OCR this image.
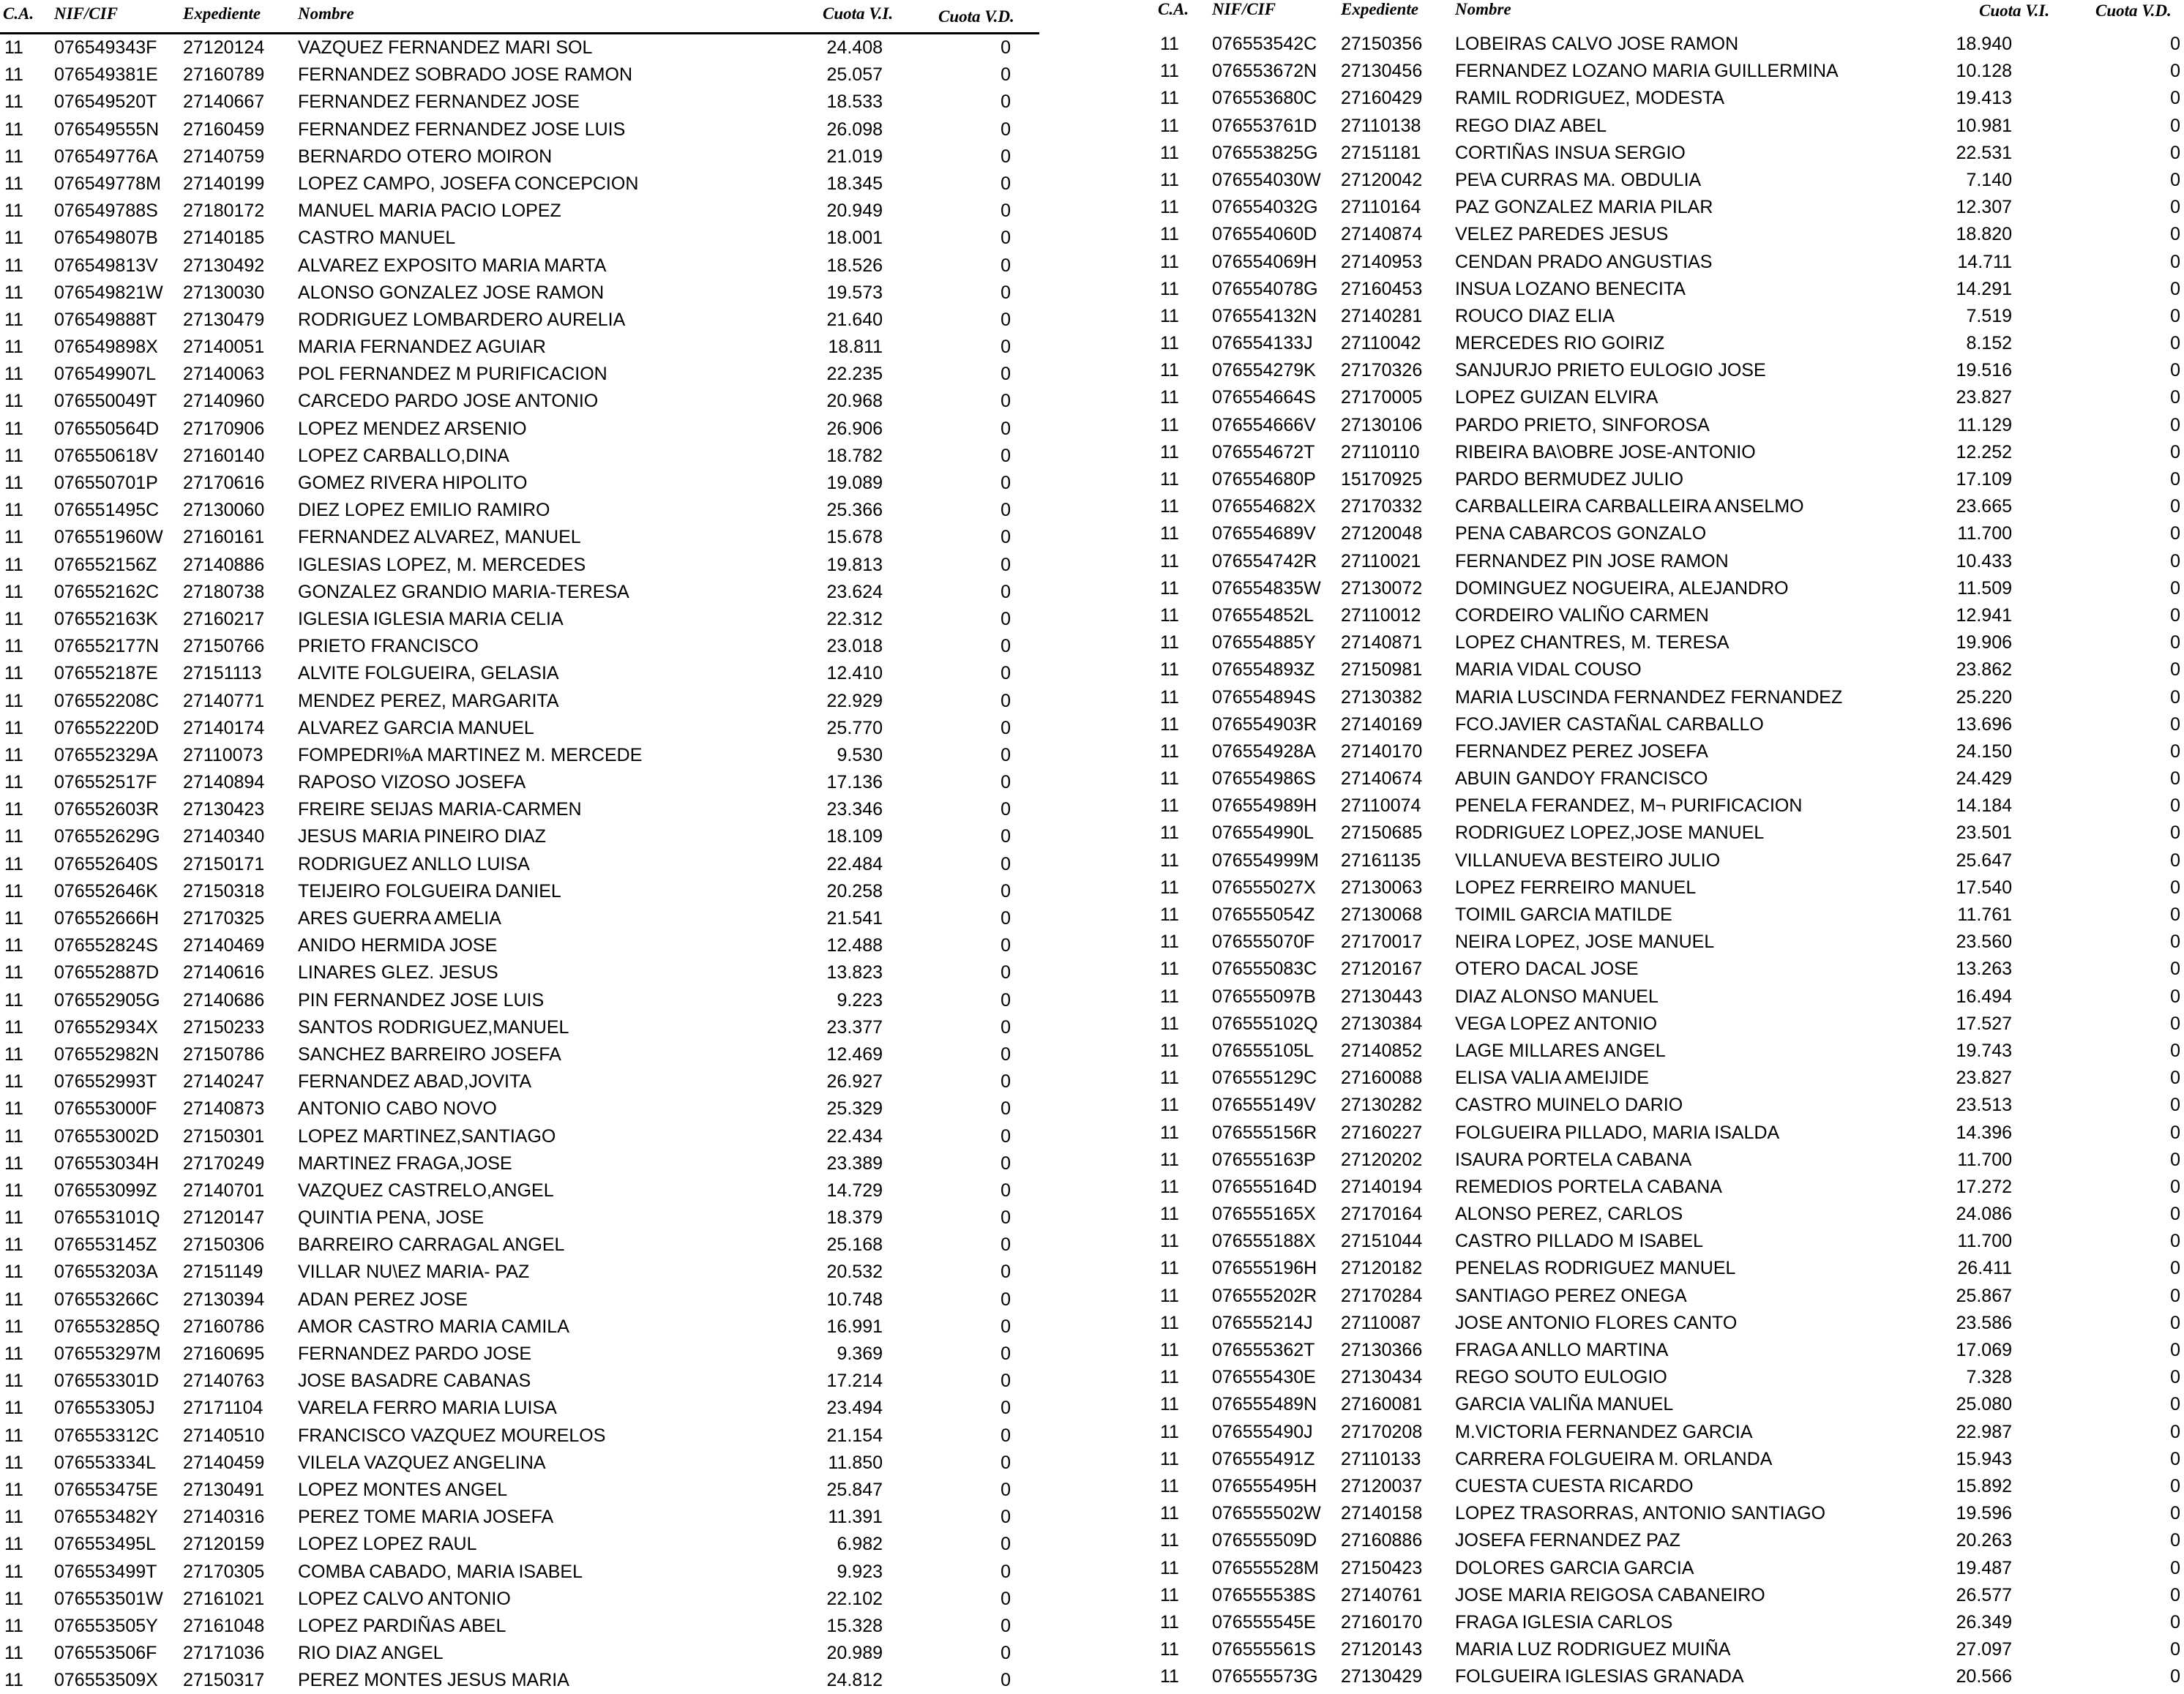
C.A. NIF/CIF	Expediente Nombre	Cuota V.I.	Cuota V.D.
11 076549343F 27120124 VAZQUEZ FERNANDEZ MARI SOL	24.408	0
11 076549381E 27160789 FERNANDEZ SOBRADO JOSE RAMON	25.057	0
11 076549520T 27140667 FERNANDEZ FERNANDEZ JOSE	18.533	0
11 076549555N 27160459 FERNANDEZ FERNANDEZ JOSE LUIS	26.098	0
11 076549776A 27140759 BERNARDO OTERO MOIRON	21.019	0
11 076549778M 27140199 LOPEZ CAMPO, JOSEFA CONCEPCION	18.345	0
11 076549788S 27180172 MANUEL MARIA PACIO LOPEZ	20.949	0
11 076549807B 27140185 CASTRO MANUEL	18.001	0
11 076549813V 27130492 ALVAREZ EXPOSITO MARIA MARTA	18.526	0
11 076549821W 27130030 ALONSO GONZALEZ JOSE RAMON	19.573	0
11 076549888T 27130479 RODRIGUEZ LOMBARDERO AURELIA	21.640	0
11 076549898X 27140051 MARIA FERNANDEZ AGUIAR	18.811	0
11 076549907L 27140063 POL FERNANDEZ M PURIFICACION	22.235	0
11 076550049T 27140960 CARCEDO PARDO JOSE ANTONIO	20.968	0
11 076550564D 27170906 LOPEZ MENDEZ ARSENIO	26.906	0
11 076550618V 27160140 LOPEZ CARBALLO,DINA	18.782	0
11 076550701P 27170616 GOMEZ RIVERA HIPOLITO	19.089	0
11 076551495C 27130060 DIEZ LOPEZ EMILIO RAMIRO	25.366	0
11 076551960W 27160161 FERNANDEZ ALVAREZ, MANUEL	15.678	0
11 076552156Z 27140886 IGLESIAS LOPEZ, M. MERCEDES	19.813	0
11 076552162C 27180738 GONZALEZ GRANDIO MARIA-TERESA	23.624	0
11 076552163K 27160217 IGLESIA IGLESIA MARIA CELIA	22.312	0
11 076552177N 27150766 PRIETO FRANCISCO	23.018	0
11 076552187E 27151113 ALVITE FOLGUEIRA, GELASIA	12.410	0
11 076552208C 27140771 MENDEZ PEREZ, MARGARITA	22.929	0
11 076552220D 27140174 ALVAREZ GARCIA MANUEL	25.770	0
11 076552329A 27110073 FOMPEDRI%A MARTINEZ M. MERCEDE	9.530	0
11 076552517F 27140894 RAPOSO VIZOSO JOSEFA	17.136	0
11 076552603R 27130423 FREIRE SEIJAS MARIA-CARMEN	23.346	0
11 076552629G 27140340 JESUS MARIA PINEIRO DIAZ	18.109	0
11 076552640S 27150171 RODRIGUEZ ANLLO LUISA	22.484	0
11 076552646K 27150318 TEIJEIRO FOLGUEIRA DANIEL	20.258	0
11 076552666H 27170325 ARES GUERRA AMELIA	21.541	0
11 076552824S 27140469 ANIDO HERMIDA JOSE	12.488	0
11 076552887D 27140616 LINARES GLEZ. JESUS	13.823	0
11 076552905G 27140686 PIN FERNANDEZ JOSE LUIS	9.223	0
11 076552934X 27150233 SANTOS RODRIGUEZ,MANUEL	23.377	0
11 076552982N 27150786 SANCHEZ BARREIRO JOSEFA	12.469	0
11 076552993T 27140247 FERNANDEZ ABAD,JOVITA	26.927	0
11 076553000F 27140873 ANTONIO CABO NOVO	25.329	0
11 076553002D 27150301 LOPEZ MARTINEZ,SANTIAGO	22.434	0
11 076553034H 27170249 MARTINEZ FRAGA,JOSE	23.389	0
11 076553099Z 27140701 VAZQUEZ CASTRELO,ANGEL	14.729	0
11 076553101Q 27120147 QUINTIA PENA, JOSE	18.379	0
11 076553145Z 27150306 BARREIRO CARRAGAL ANGEL	25.168	0
11 076553203A 27151149 VILLAR NU\EZ MARIA- PAZ	20.532	0
11 076553266C 27130394 ADAN PEREZ JOSE	10.748	0
11 076553285Q 27160786 AMOR CASTRO MARIA CAMILA	16.991	0
11 076553297M 27160695 FERNANDEZ PARDO JOSE	9.369	0
11 076553301D 27140763 JOSE BASADRE CABANAS	17.214	0
11 076553305J 27171104 VARELA FERRO MARIA LUISA	23.494	0
11 076553312C 27140510 FRANCISCO VAZQUEZ MOURELOS	21.154	0
11 076553334L 27140459 VILELA VAZQUEZ ANGELINA	11.850	0
11 076553475E 27130491 LOPEZ MONTES ANGEL	25.847	0
11 076553482Y 27140316 PEREZ TOME MARIA JOSEFA	11.391	0
11 076553495L 27120159 LOPEZ LOPEZ RAUL	6.982	0
11 076553499T 27170305 COMBA CABADO, MARIA ISABEL	9.923	0
11 076553501W 27161021 LOPEZ CALVO ANTONIO	22.102	0
11 076553505Y 27161048 LOPEZ PARDIÑAS ABEL	15.328	0
11 076553506F 27171036 RIO DIAZ ANGEL	20.989	0
11 076553509X 27150317 PEREZ MONTES JESUS MARIA	24.812	0
C.A. NIF/CIF	Expediente Nombre	Cuota V.I.	Cuota V.D.
11 076553542C 27150356 LOBEIRAS CALVO JOSE RAMON	18.940	0
11 076553672N 27130456 FERNANDEZ LOZANO MARIA GUILLERMINA	10.128	0
11 076553680C 27160429 RAMIL RODRIGUEZ, MODESTA	19.413	0
11 076553761D 27110138 REGO DIAZ ABEL	10.981	0
11 076553825G 27151181 CORTIÑAS INSUA SERGIO	22.531	0
11 076554030W 27120042 PE\A CURRAS MA. OBDULIA	7.140	0
11 076554032G 27110164 PAZ GONZALEZ MARIA PILAR	12.307	0
11 076554060D 27140874 VELEZ PAREDES JESUS	18.820	0
11 076554069H 27140953 CENDAN PRADO ANGUSTIAS	14.711	0
11 076554078G 27160453 INSUA LOZANO BENECITA	14.291	0
11 076554132N 27140281 ROUCO DIAZ ELIA	7.519	0
11 076554133J 27110042 MERCEDES RIO GOIRIZ	8.152	0
11 076554279K 27170326 SANJURJO PRIETO EULOGIO JOSE	19.516	0
11 076554664S 27170005 LOPEZ GUIZAN ELVIRA	23.827	0
11 076554666V 27130106 PARDO PRIETO, SINFOROSA	11.129	0
11 076554672T 27110110 RIBEIRA BA\OBRE JOSE-ANTONIO	12.252	0
11 076554680P 15170925 PARDO BERMUDEZ JULIO	17.109	0
11 076554682X 27170332 CARBALLEIRA CARBALLEIRA ANSELMO	23.665	0
11 076554689V 27120048 PENA CABARCOS GONZALO	11.700	0
11 076554742R 27110021 FERNANDEZ PIN JOSE RAMON	10.433	0
11 076554835W 27130072 DOMINGUEZ NOGUEIRA, ALEJANDRO	11.509	0
11 076554852L 27110012 CORDEIRO VALIÑO CARMEN	12.941	0
11 076554885Y 27140871 LOPEZ CHANTRES, M. TERESA	19.906	0
11 076554893Z 27150981 MARIA VIDAL COUSO	23.862	0
11 076554894S 27130382 MARIA LUSCINDA FERNANDEZ FERNANDEZ	25.220	0
11 076554903R 27140169 FCO.JAVIER CASTAÑAL CARBALLO	13.696	0
11 076554928A 27140170 FERNANDEZ PEREZ JOSEFA	24.150	0
11 076554986S 27140674 ABUIN GANDOY FRANCISCO	24.429	0
11 076554989H 27110074 PENELA FERANDEZ, M¬ PURIFICACION	14.184	0
11 076554990L 27150685 RODRIGUEZ LOPEZ,JOSE MANUEL	23.501	0
11 076554999M 27161135 VILLANUEVA BESTEIRO JULIO	25.647	0
11 076555027X 27130063 LOPEZ FERREIRO MANUEL	17.540	0
11 076555054Z 27130068 TOIMIL GARCIA MATILDE	11.761	0
11 076555070F 27170017 NEIRA LOPEZ, JOSE MANUEL	23.560	0
11 076555083C 27120167 OTERO DACAL JOSE	13.263	0
11 076555097B 27130443 DIAZ ALONSO MANUEL	16.494	0
11 076555102Q 27130384 VEGA LOPEZ ANTONIO	17.527	0
11 076555105L 27140852 LAGE MILLARES ANGEL	19.743	0
11 076555129C 27160088 ELISA VALIA AMEIJIDE	23.827	0
11 076555149V 27130282 CASTRO MUINELO DARIO	23.513	0
11 076555156R 27160227 FOLGUEIRA PILLADO, MARIA ISALDA	14.396	0
11 076555163P 27120202 ISAURA PORTELA CABANA	11.700	0
11 076555164D 27140194 REMEDIOS PORTELA CABANA	17.272	0
11 076555165X 27170164 ALONSO PEREZ, CARLOS	24.086	0
11 076555188X 27151044 CASTRO PILLADO M ISABEL	11.700	0
11 076555196H 27120182 PENELAS RODRIGUEZ MANUEL	26.411	0
11 076555202R 27170284 SANTIAGO PEREZ ONEGA	25.867	0
11 076555214J 27110087 JOSE ANTONIO FLORES CANTO	23.586	0
11 076555362T 27130366 FRAGA ANLLO MARTINA	17.069	0
11 076555430E 27130434 REGO SOUTO EULOGIO	7.328	0
11 076555489N 27160081 GARCIA VALIÑA MANUEL	25.080	0
11 076555490J 27170208 M.VICTORIA FERNANDEZ GARCIA	22.987	0
11 076555491Z 27110133 CARRERA FOLGUEIRA M. ORLANDA	15.943	0
11 076555495H 27120037 CUESTA CUESTA RICARDO	15.892	0
11 076555502W 27140158 LOPEZ TRASORRAS, ANTONIO SANTIAGO	19.596	0
11 076555509D 27160886 JOSEFA FERNANDEZ PAZ	20.263	0
11 076555528M 27150423 DOLORES GARCIA GARCIA	19.487	0
11 076555538S 27140761 JOSE MARIA REIGOSA CABANEIRO	26.577	0
11 076555545E 27160170 FRAGA IGLESIA CARLOS	26.349	0
11 076555561S 27120143 MARIA LUZ RODRIGUEZ MUIÑA	27.097	0
11 076555573G 27130429 FOLGUEIRA IGLESIAS GRANADA	20.566	0
